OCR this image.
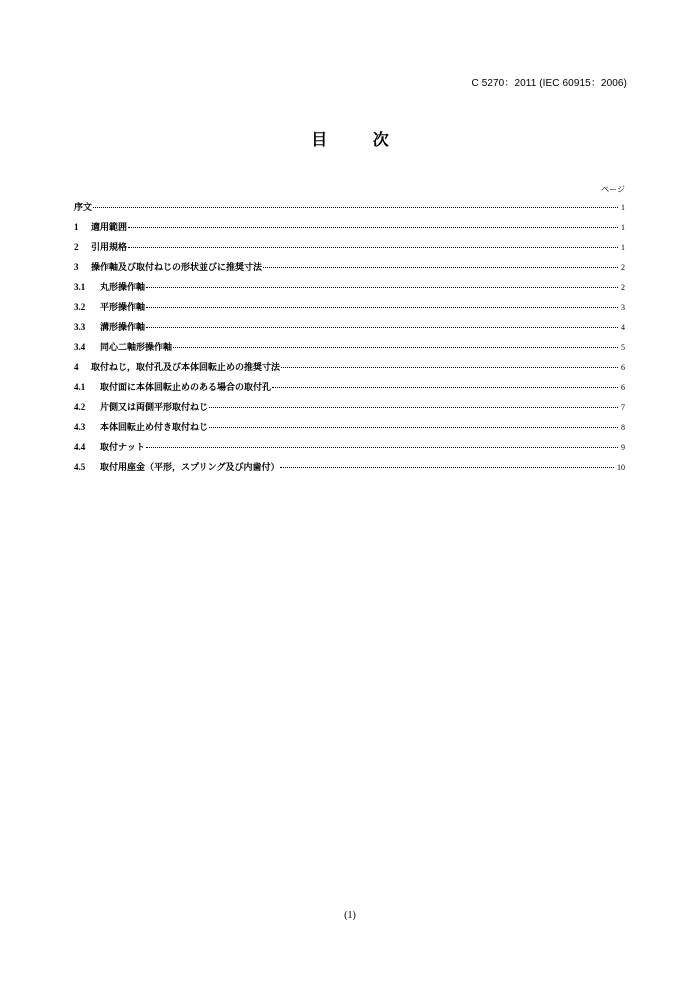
C 5270：2011 (IEC 60915：2006)
目 次
ページ
序文	1
1	適用範囲	1
2	引用規格	1
3	操作軸及び取付ねじの形状並びに推奨寸法	2
3.1	丸形操作軸	2
3.2	平形操作軸	3
3.3	溝形操作軸	4
3.4	同心二軸形操作軸	5
4	取付ねじ，取付孔及び本体回転止めの推奨寸法	6
4.1	取付面に本体回転止めのある場合の取付孔	6
4.2	片側又は両側平形取付ねじ	7
4.3	本体回転止め付き取付ねじ	8
4.4	取付ナット	9
4.5	取付用座金（平形，スプリング及び内歯付）	10
(1)
